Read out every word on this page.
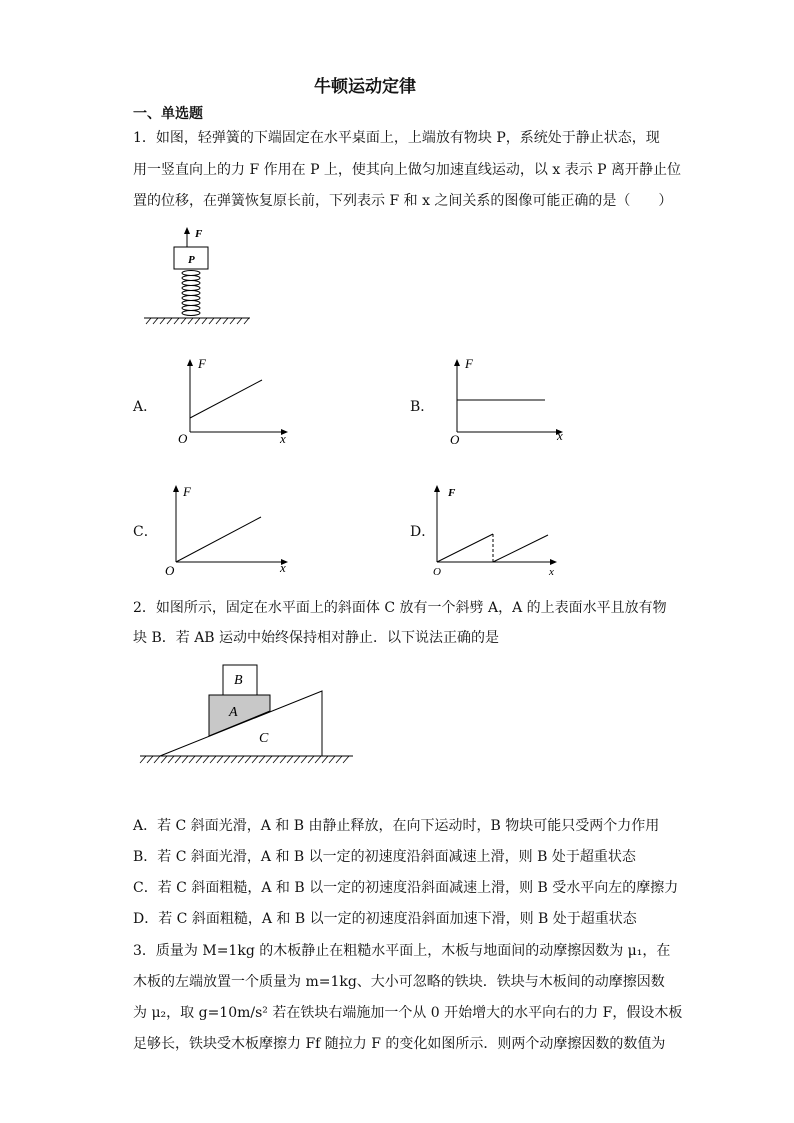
牛顿运动定律
一、单选题
1．如图，轻弹簧的下端固定在水平桌面上，上端放有物块 P，系统处于静止状态，现
用一竖直向上的力 F 作用在 P 上，使其向上做匀加速直线运动，以 x 表示 P 离开静止位
置的位移，在弹簧恢复原长前，下列表示 F 和 x 之间关系的图像可能正确的是（　　）
F
P
A．
F
x
O
B．
F
x
O
C．
F
x
O
D．
F
x
O
2．如图所示，固定在水平面上的斜面体 C 放有一个斜劈 A，A 的上表面水平且放有物
块 B．若 AB 运动中始终保持相对静止．以下说法正确的是
B
A
C
A．若 C 斜面光滑，A 和 B 由静止释放，在向下运动时，B 物块可能只受两个力作用
B．若 C 斜面光滑，A 和 B 以一定的初速度沿斜面减速上滑，则 B 处于超重状态
C．若 C 斜面粗糙，A 和 B 以一定的初速度沿斜面减速上滑，则 B 受水平向左的摩擦力
D．若 C 斜面粗糙，A 和 B 以一定的初速度沿斜面加速下滑，则 B 处于超重状态
3．质量为 M=1kg 的木板静止在粗糙水平面上，木板与地面间的动摩擦因数为 μ₁，在
木板的左端放置一个质量为 m=1kg、大小可忽略的铁块．铁块与木板间的动摩擦因数
为 μ₂，取 g=10m/s² 若在铁块右端施加一个从 0 开始增大的水平向右的力 F，假设木板
足够长，铁块受木板摩擦力 Ff 随拉力 F 的变化如图所示．则两个动摩擦因数的数值为
